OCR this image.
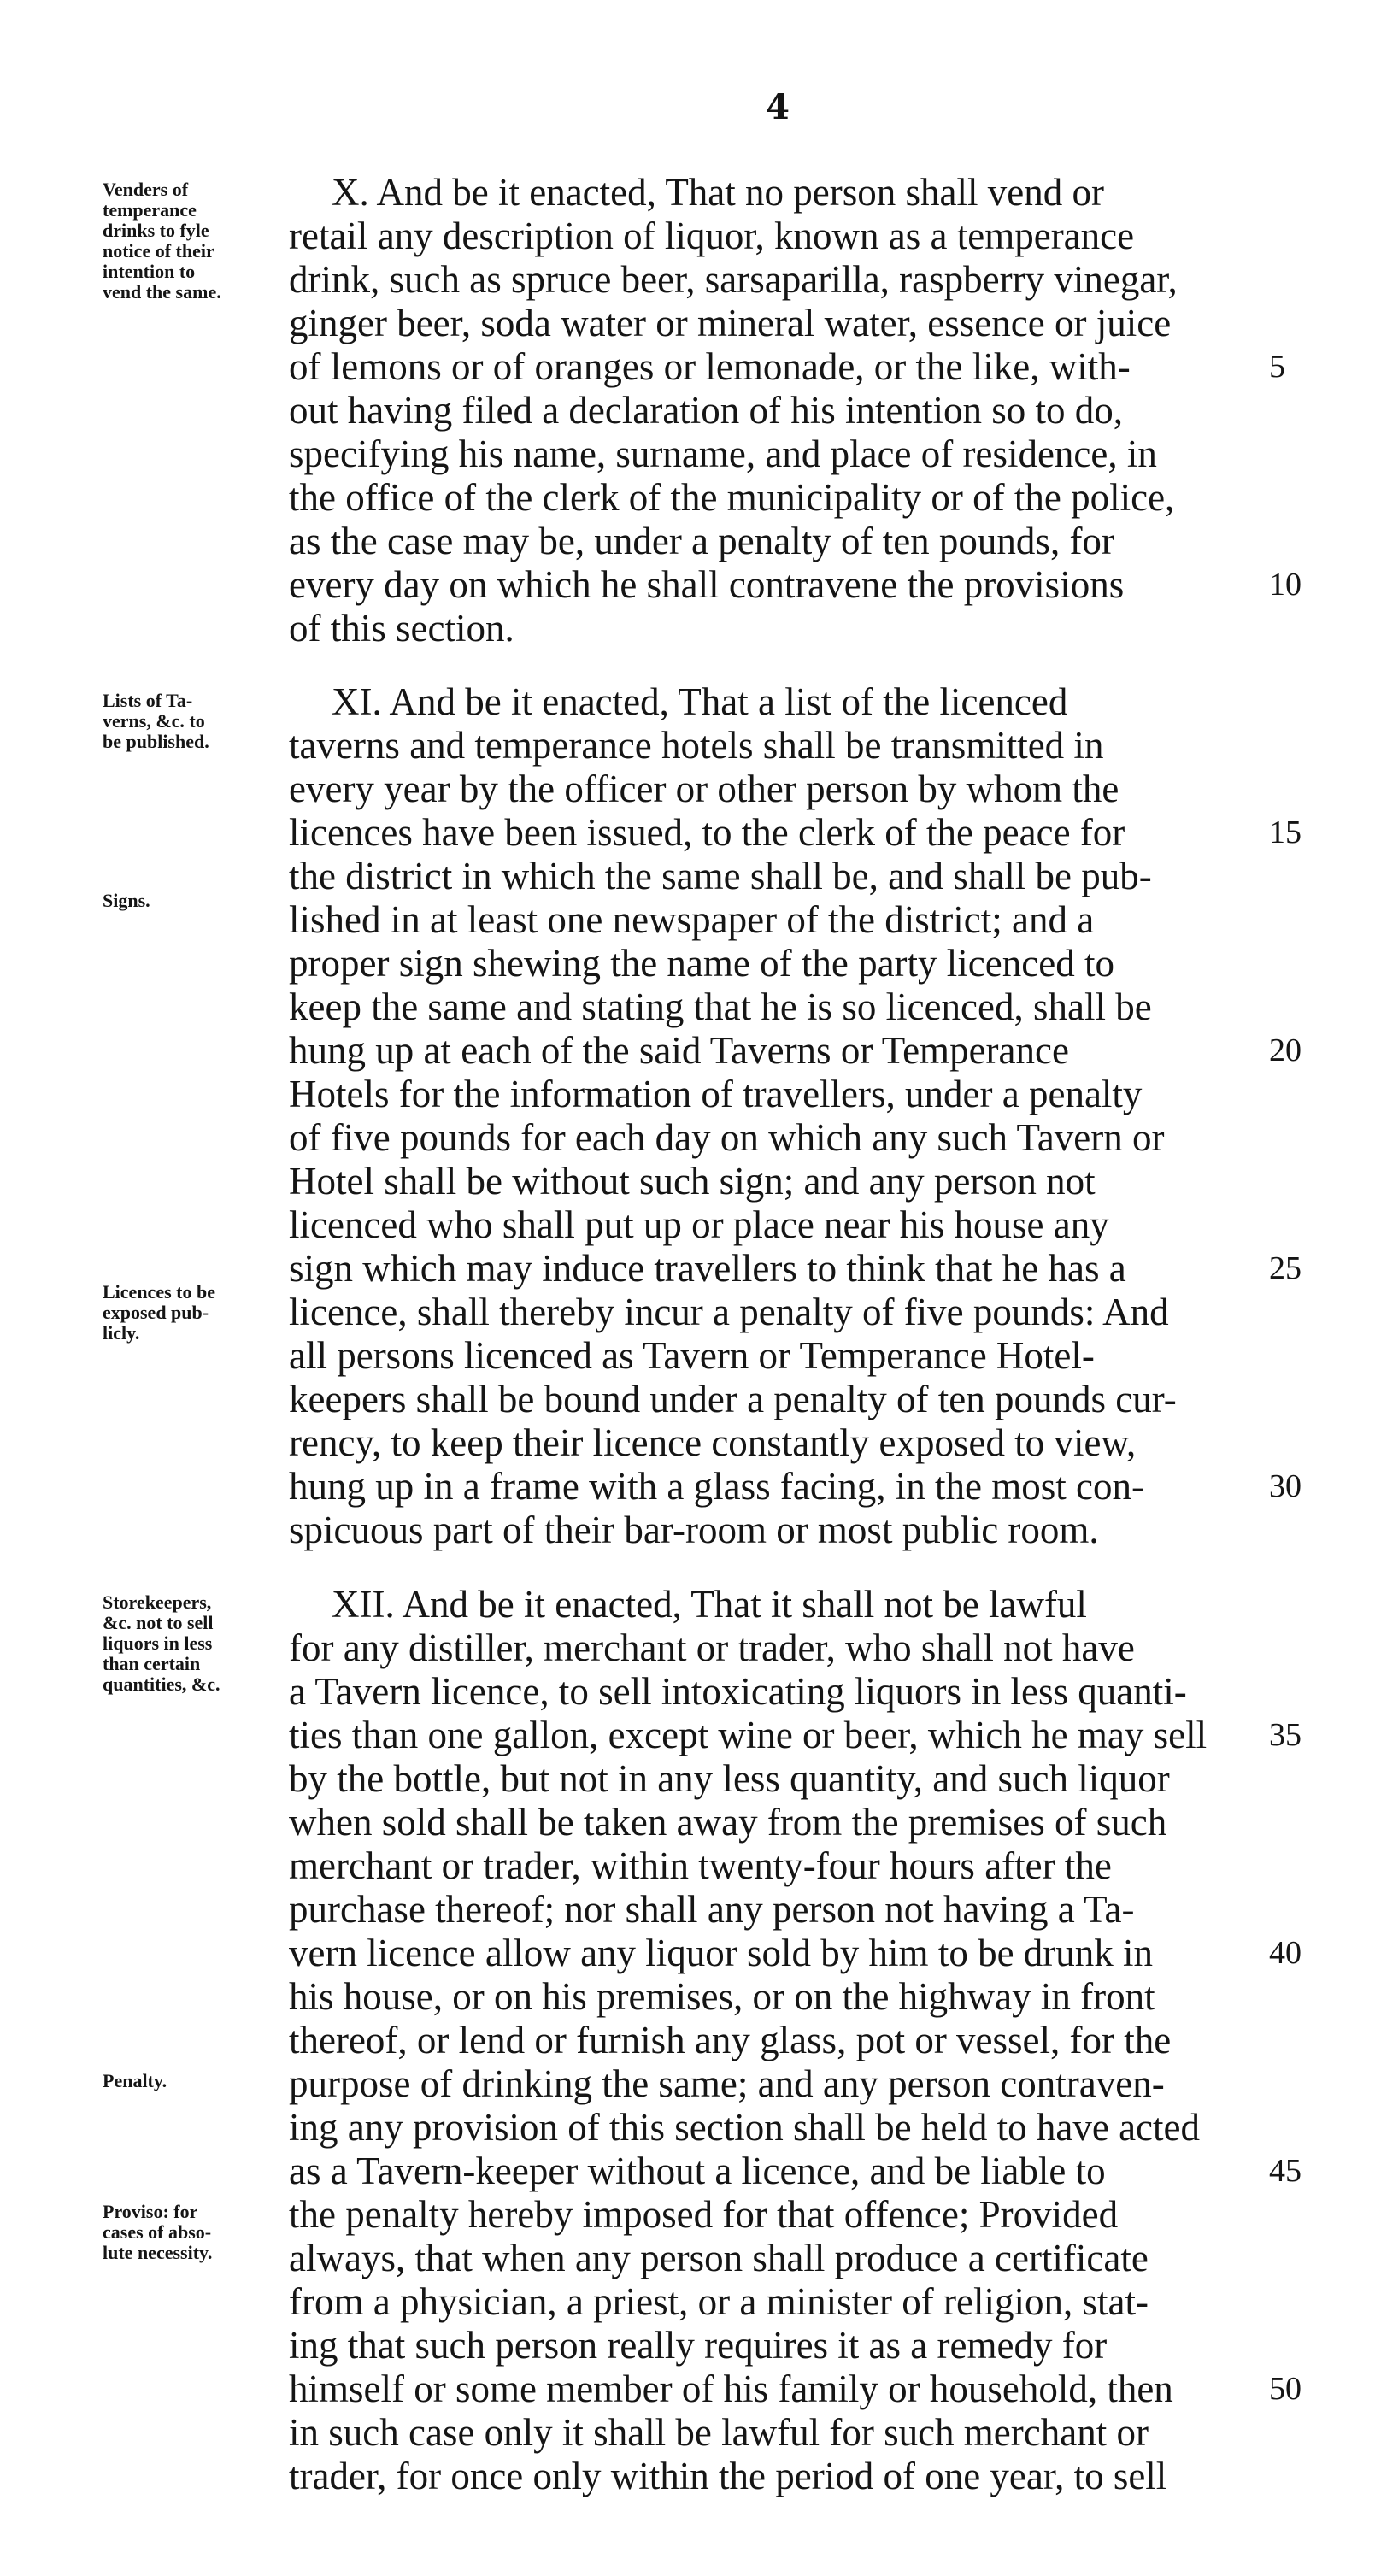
4
Venders of
temperance
drinks to fyle
notice of their
intention to
vend the same.
X. And be it enacted, That no person shall vend or
retail any description of liquor, known as a temperance
drink, such as spruce beer, sarsaparilla, raspberry vinegar,
ginger beer, soda water or mineral water, essence or juice
of lemons or of oranges or lemonade, or the like, with-
out having filed a declaration of his intention so to do,
specifying his name, surname, and place of residence, in
the office of the clerk of the municipality or of the police,
as the case may be, under a penalty of ten pounds, for
every day on which he shall contravene the provisions
of this section.
5
10
Lists of Ta-
verns, &c. to
be published.
Signs.
Licences to be
exposed pub-
licly.
XI. And be it enacted, That a list of the licenced
taverns and temperance hotels shall be transmitted in
every year by the officer or other person by whom the
licences have been issued, to the clerk of the peace for
the district in which the same shall be, and shall be pub-
lished in at least one newspaper of the district; and a
proper sign shewing the name of the party licenced to
keep the same and stating that he is so licenced, shall be
hung up at each of the said Taverns or Temperance
Hotels for the information of travellers, under a penalty
of five pounds for each day on which any such Tavern or
Hotel shall be without such sign; and any person not
licenced who shall put up or place near his house any
sign which may induce travellers to think that he has a
licence, shall thereby incur a penalty of five pounds: And
all persons licenced as Tavern or Temperance Hotel-
keepers shall be bound under a penalty of ten pounds cur-
rency, to keep their licence constantly exposed to view,
hung up in a frame with a glass facing, in the most con-
spicuous part of their bar-room or most public room.
15
20
25
30
Storekeepers,
&c. not to sell
liquors in less
than certain
quantities, &c.
Penalty.
Proviso: for
cases of abso-
lute necessity.
XII. And be it enacted, That it shall not be lawful
for any distiller, merchant or trader, who shall not have
a Tavern licence, to sell intoxicating liquors in less quanti-
ties than one gallon, except wine or beer, which he may sell
by the bottle, but not in any less quantity, and such liquor
when sold shall be taken away from the premises of such
merchant or trader, within twenty-four hours after the
purchase thereof; nor shall any person not having a Ta-
vern licence allow any liquor sold by him to be drunk in
his house, or on his premises, or on the highway in front
thereof, or lend or furnish any glass, pot or vessel, for the
purpose of drinking the same; and any person contraven-
ing any provision of this section shall be held to have acted
as a Tavern-keeper without a licence, and be liable to
the penalty hereby imposed for that offence; Provided
always, that when any person shall produce a certificate
from a physician, a priest, or a minister of religion, stat-
ing that such person really requires it as a remedy for
himself or some member of his family or household, then
in such case only it shall be lawful for such merchant or
trader, for once only within the period of one year, to sell
35
40
45
50
